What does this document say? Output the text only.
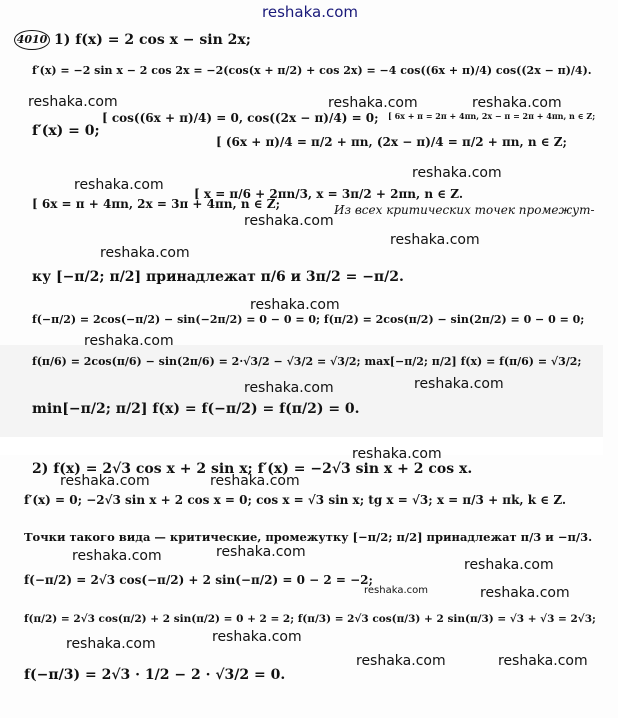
reshaka.com
4010 1) f(x) = 2 cos x − sin 2x;
f′(x) = −2 sin x − 2 cos 2x = −2(cos(x + π/2) + cos 2x) = −4 cos((6x + π)/4) cos((2x − π)/4).
reshaka.com	reshaka.com	reshaka.com
f′(x) = 0;
[ cos((6x + π)/4) = 0, cos((2x − π)/4) = 0;
[ (6x + π)/4 = π/2 + πn, (2x − π)/4 = π/2 + πn, n ∈ Z;
[ 6x + π = 2π + 4πn, 2x − π = 2π + 4πn, n ∈ Z;
reshaka.com
reshaka.com
[ 6x = π + 4πn, 2x = 3π + 4πn, n ∈ Z;
[ x = π/6 + 2πn/3, x = 3π/2 + 2πn, n ∈ Z.
reshaka.com
Из всех критических точек промежут-
reshaka.com
reshaka.com
ку [−π/2; π/2] принадлежат π/6 и 3π/2 = −π/2.
reshaka.com
f(−π/2) = 2cos(−π/2) − sin(−2π/2) = 0 − 0 = 0; f(π/2) = 2cos(π/2) − sin(2π/2) = 0 − 0 = 0;
reshaka.com
f(π/6) = 2cos(π/6) − sin(2π/6) = 2·√3/2 − √3/2 = √3/2; max[−π/2; π/2] f(x) = f(π/6) = √3/2;
reshaka.com	reshaka.com
min[−π/2; π/2] f(x) = f(−π/2) = f(π/2) = 0.
reshaka.com
2) f(x) = 2√3 cos x + 2 sin x; f′(x) = −2√3 sin x + 2 cos x.
reshaka.com	reshaka.com
f′(x) = 0; −2√3 sin x + 2 cos x = 0; cos x = √3 sin x; tg x = √3; x = π/3 + πk, k ∈ Z.
Точки такого вида — критические, промежутку [−π/2; π/2] принадлежат π/3 и −π/3.
reshaka.com	reshaka.com
reshaka.com
f(−π/2) = 2√3 cos(−π/2) + 2 sin(−π/2) = 0 − 2 = −2;
reshaka.com	reshaka.com
f(π/2) = 2√3 cos(π/2) + 2 sin(π/2) = 0 + 2 = 2; f(π/3) = 2√3 cos(π/3) + 2 sin(π/3) = √3 + √3 = 2√3;
reshaka.com	reshaka.com
reshaka.com	reshaka.com
f(−π/3) = 2√3 · 1/2 − 2 · √3/2 = 0.
